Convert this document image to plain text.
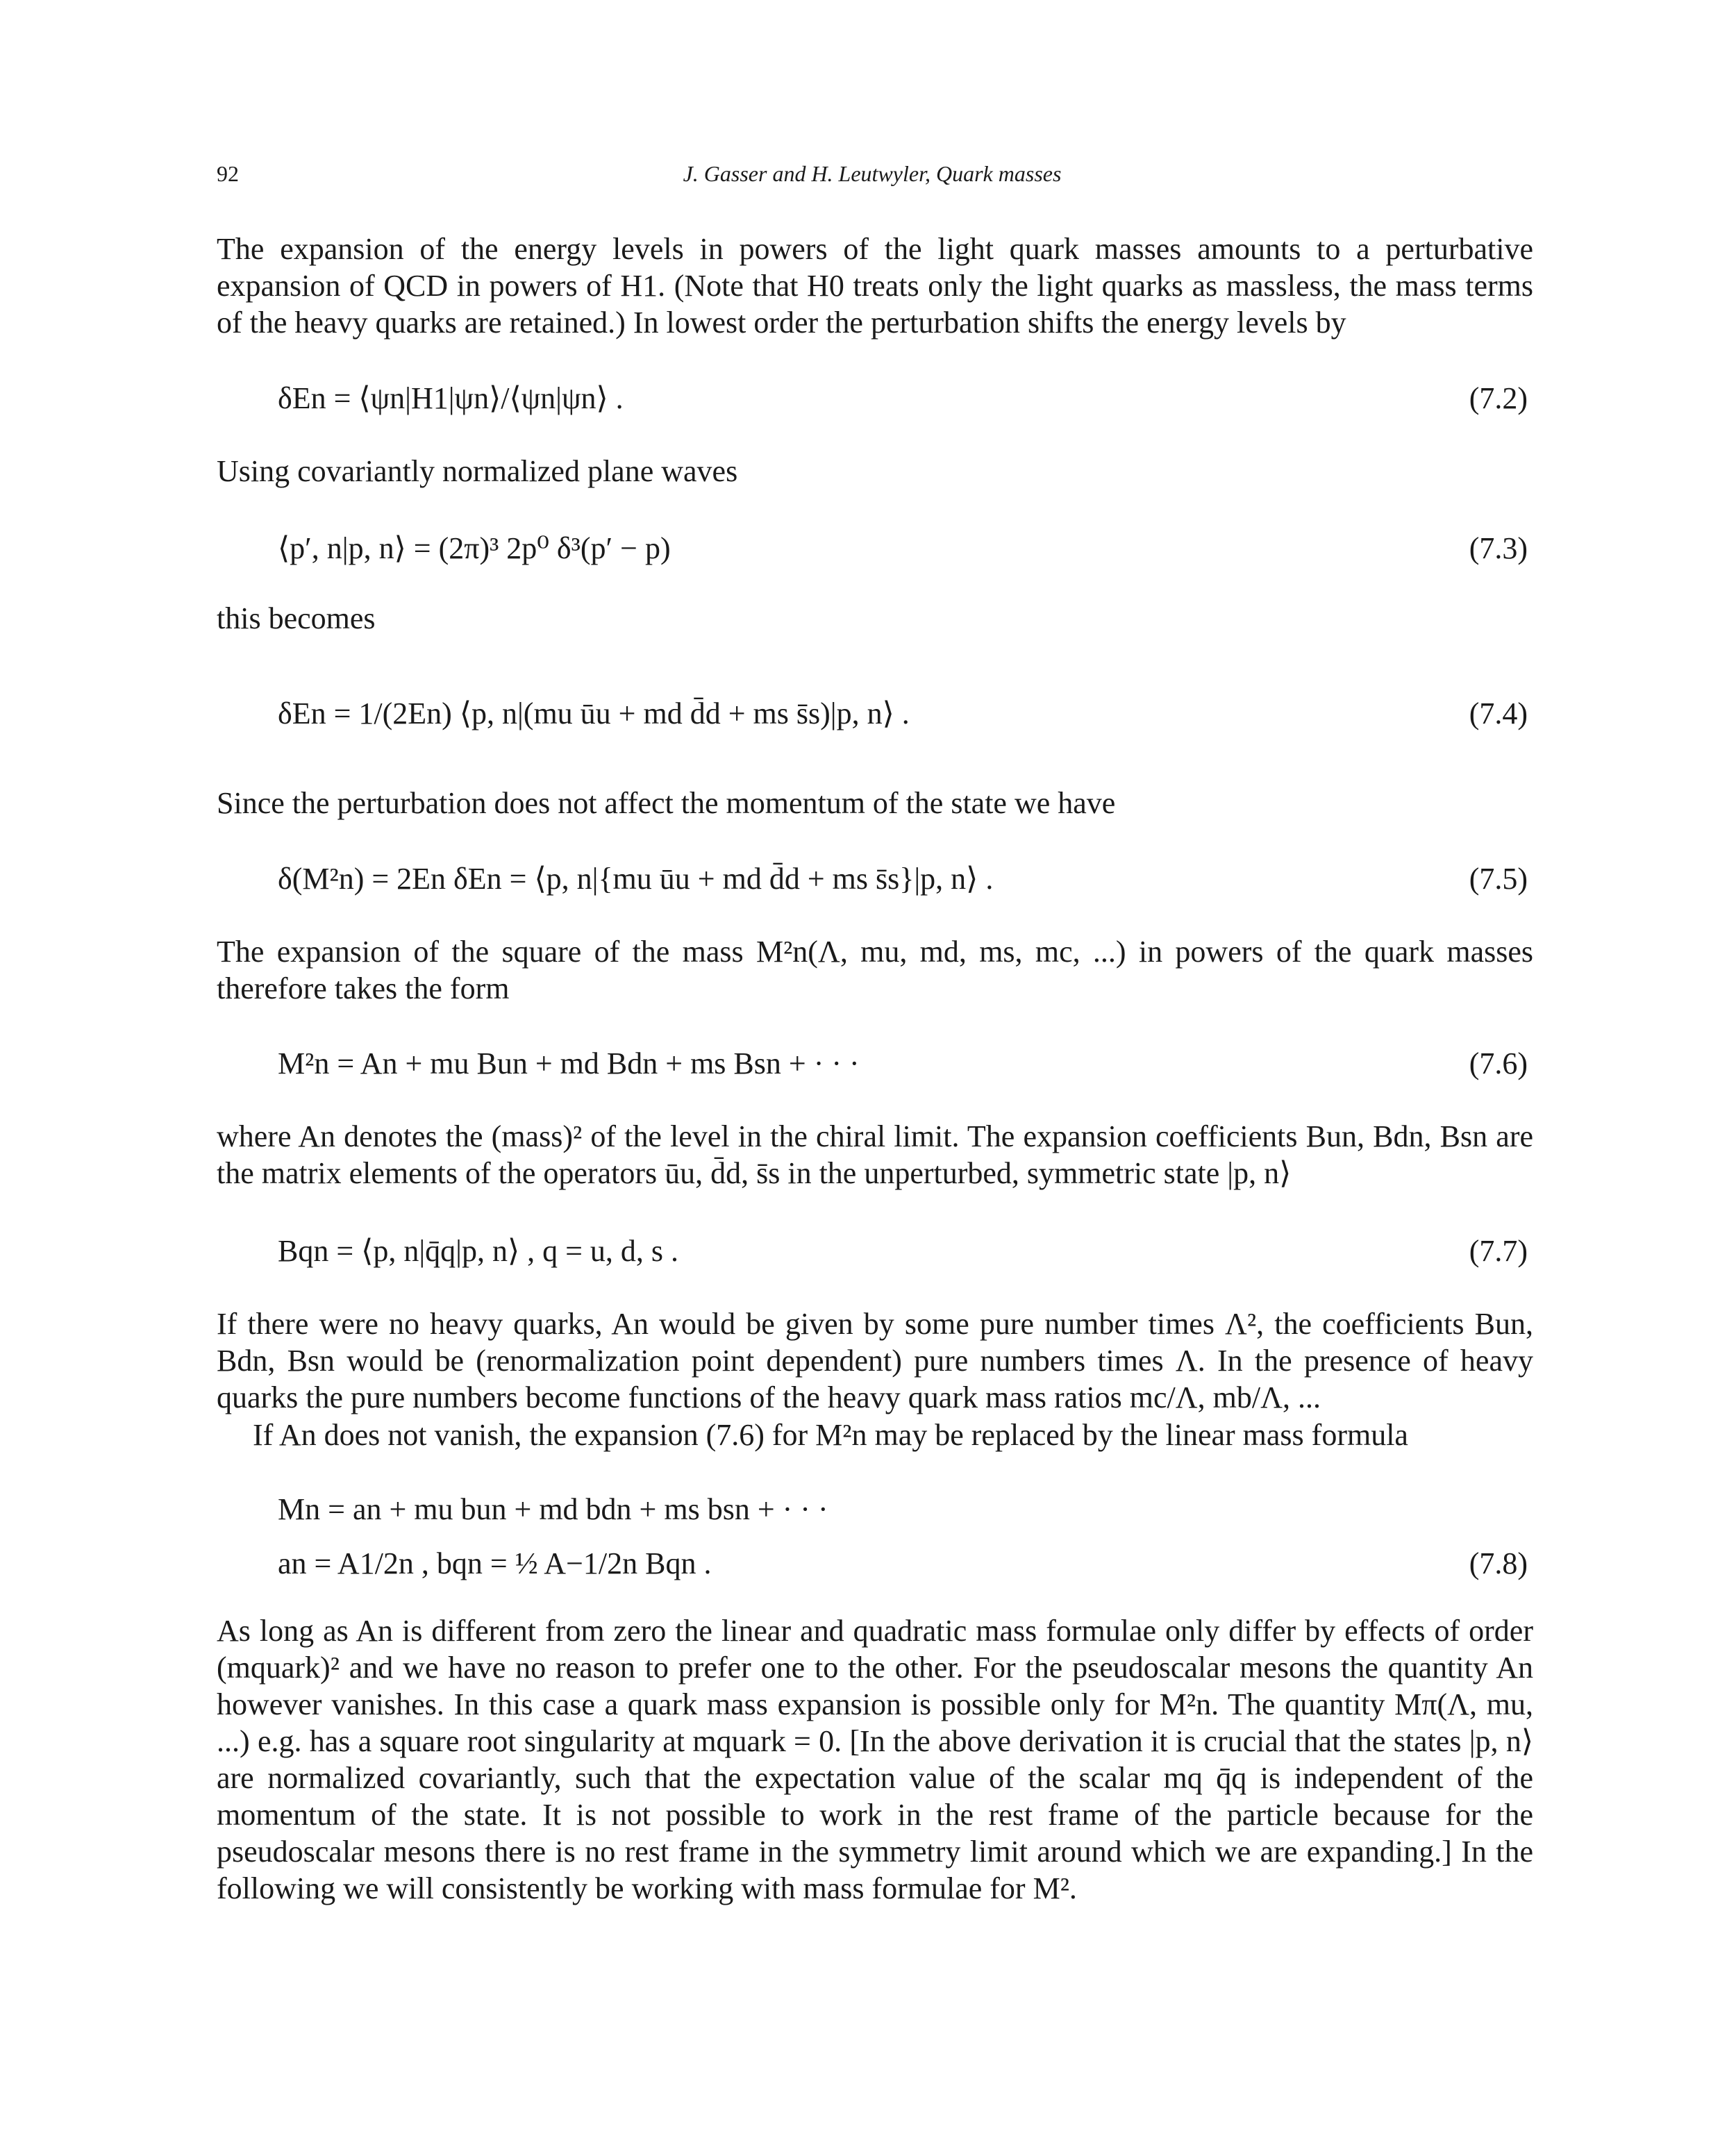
92	J. Gasser and H. Leutwyler, Quark masses

The expansion of the energy levels in powers of the light quark masses amounts to a perturbative expansion of QCD in powers of H1. (Note that H0 treats only the light quarks as massless, the mass terms of the heavy quarks are retained.) In lowest order the perturbation shifts the energy levels by

δEn = ⟨ψn|H1|ψn⟩/⟨ψn|ψn⟩ .	(7.2)

Using covariantly normalized plane waves

⟨p′, n|p, n⟩ = (2π)³ 2p⁰ δ³(p′ − p)	(7.3)

this becomes

δEn = 1/(2En) ⟨p, n|(mu ūu + md d̄d + ms s̄s)|p, n⟩ .	(7.4)

Since the perturbation does not affect the momentum of the state we have

δ(M²n) = 2En δEn = ⟨p, n|{mu ūu + md d̄d + ms s̄s}|p, n⟩ .	(7.5)

The expansion of the square of the mass M²n(Λ, mu, md, ms, mc, ...) in powers of the quark masses therefore takes the form

M²n = An + mu Bun + md Bdn + ms Bsn + · · ·	(7.6)

where An denotes the (mass)² of the level in the chiral limit. The expansion coefficients Bun, Bdn, Bsn are the matrix elements of the operators ūu, d̄d, s̄s in the unperturbed, symmetric state |p, n⟩

Bqn = ⟨p, n|q̄q|p, n⟩ , q = u, d, s .	(7.7)

If there were no heavy quarks, An would be given by some pure number times Λ², the coefficients Bun, Bdn, Bsn would be (renormalization point dependent) pure numbers times Λ. In the presence of heavy quarks the pure numbers become functions of the heavy quark mass ratios mc/Λ, mb/Λ, ...

If An does not vanish, the expansion (7.6) for M²n may be replaced by the linear mass formula

Mn = an + mu bun + md bdn + ms bsn + · · ·
an = A1/2n , bqn = ½ A−1/2n Bqn .	(7.8)

As long as An is different from zero the linear and quadratic mass formulae only differ by effects of order (mquark)² and we have no reason to prefer one to the other. For the pseudoscalar mesons the quantity An however vanishes. In this case a quark mass expansion is possible only for M²n. The quantity Mπ(Λ, mu, ...) e.g. has a square root singularity at mquark = 0. [In the above derivation it is crucial that the states |p, n⟩ are normalized covariantly, such that the expectation value of the scalar mq q̄q is independent of the momentum of the state. It is not possible to work in the rest frame of the particle because for the pseudoscalar mesons there is no rest frame in the symmetry limit around which we are expanding.] In the following we will consistently be working with mass formulae for M².
